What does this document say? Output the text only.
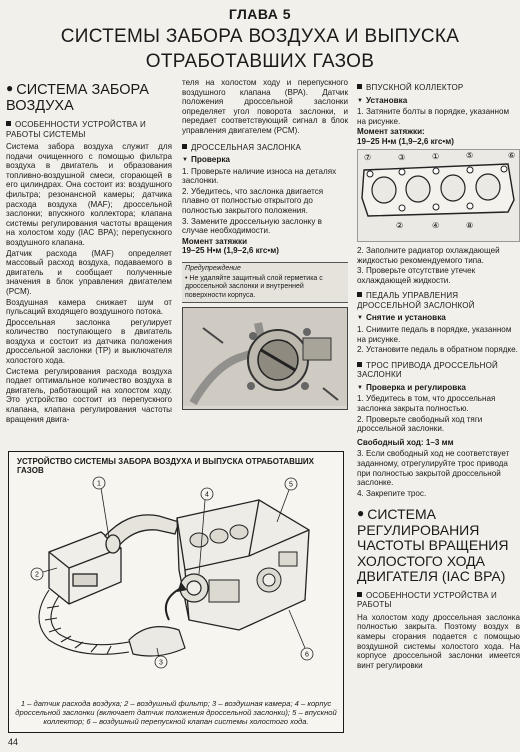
ГЛАВА 5
СИСТЕМЫ ЗАБОРА ВОЗДУХА И ВЫПУСКА
ОТРАБОТАВШИХ ГАЗОВ
● СИСТЕМА ЗАБОРА ВОЗДУХА
ОСОБЕННОСТИ УСТРОЙСТВА И РАБОТЫ СИСТЕМЫ

Система забора воздуха служит для подачи очищенного с помощью фильтра воздуха в двигатель и образования топливно-воздушной смеси, сгорающей в его цилиндрах. Она состоит из: воздушного фильтра; резонансной камеры; датчика расхода воздуха (MAF); дроссельной заслонки; впускного коллектора; клапана системы регулирования частоты вращения на холостом ходу (IAC BPA); перепускного воздушного клапана.

Датчик расхода (MAF) определяет массовый расход воздуха, подаваемого в двигатель и сообщает полученные значения в блок управления двигателем (PCM).

Воздушная камера снижает шум от пульсаций входящего воздушного потока.

Дроссельная заслонка регулирует количество поступающего в двигатель воздуха и состоит из датчика положения дроссельной заслонки (TP) и выключателя холостого хода.

Система регулирования расхода воздуха подает оптимальное количество воздуха в двигатель, работающий на холостом ходу. Это устройство состоит из перепускного клапана, клапана регулирования частоты вращения двига-

теля на холостом ходу и перепускного воздушного клапана (BPA). Датчик положения дроссельной заслонки определяет угол поворота заслонки, и передает соответствующий сигнал в блок управления двигателем (PCM).

ДРОССЕЛЬНАЯ ЗАСЛОНКА
▼ Проверка
1. Проверьте наличие износа на деталях заслонки.
2. Убедитесь, что заслонка двигается плавно от полностью открытого до полностью закрытого положения.
3. Замените дроссельную заслонку в случае необходимости.
Момент затяжки
19–25 Н•м (1,9–2,6 кгс•м)
Предупреждение
• Не удаляйте защитный слой герметика с дроссельной заслонки и внутренней поверхности корпуса.
ВПУСКНОЙ КОЛЛЕКТОР
▼ Установка
1. Затяните болты в порядке, указанном на рисунке.
Момент затяжки:
19–25 Н•м (1,9–2,6 кгс•м)
⑦	③	①	⑤	⑥
②	④	⑧
2. Заполните радиатор охлаждающей жидкостью рекомендуемого типа.
3. Проверьте отсутствие утечек охлаждающей жидкости.
ПЕДАЛЬ УПРАВЛЕНИЯ ДРОССЕЛЬНОЙ ЗАСЛОНКОЙ
▼ Снятие и установка
1. Снимите педаль в порядке, указанном на рисунке.
2. Установите педаль в обратном порядке.
ТРОС ПРИВОДА ДРОССЕЛЬНОЙ ЗАСЛОНКИ
▼ Проверка и регулировка
1. Убедитесь в том, что дроссельная заслонка закрыта полностью.
2. Проверьте свободный ход тяги дроссельной заслонки.
Свободный ход: 1–3 мм
3. Если свободный ход не соответствует заданному, отрегулируйте трос привода при полностью закрытой дроссельной заслонке.
4. Закрепите трос.
● СИСТЕМА РЕГУЛИРОВАНИЯ ЧАСТОТЫ ВРАЩЕНИЯ ХОЛОСТОГО ХОДА ДВИГАТЕЛЯ (IAC BPA)
ОСОБЕННОСТИ УСТРОЙСТВА И РАБОТЫ

На холостом ходу дроссельная заслонка полностью закрыта. Поэтому воздух в камеры сгорания подается с помощью воздушной системы холостого хода. На корпусе дроссельной заслонки имеется винт регулировки

УСТРОЙСТВО СИСТЕМЫ ЗАБОРА ВОЗДУХА И ВЫПУСКА ОТРАБОТАВШИХ ГАЗОВ
1
2
3
4
5
6
1 – датчик расхода воздуха; 2 – воздушный фильтр; 3 – воздушная камера; 4 – корпус дроссельной заслонки (включает датчик положения дроссельной заслонки); 5 – впускной коллектор; 6 – воздушный перепускной клапан системы холостого хода.
44
